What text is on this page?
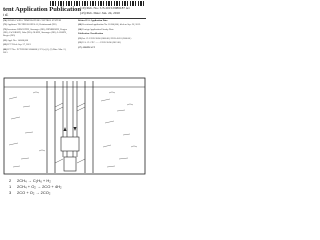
tent Application Publication
t al.
(10) Pub. No.: US 2015/0086187 A1
(43) Pub. Date: Jun. 24, 2010

(54) SUBSEA WELL TEMPERATURE CONTROL SYSTEM

(71) Applicant: TECHNOLOGIES AS, Kristiansand (NO)

(72) Inventors: BERGSTEN, Stavanger (NO); HENRIKSEN, Bergen (NO); JACOBSEN, Oslo (NO); OLSEN, Stavanger (NO); LARSEN, Bergen (NO)

(21) Appl. No.: 14/000,000

(22) PCT Filed: Sep. 27, 2013

(86) PCT No.: PCT/NO2013/000000 § 371 (c)(1), (2) Date: Mar. 13, 2015

Related U.S. Application Data

(60) Provisional application No. 61/000,000, filed on Sep. 28, 2012.

(30) Foreign Application Priority Data

Publication Classification

(51) Int. Cl. E21B 36/00 (2006.01) E21B 43/01 (2006.01)

(52) U.S. Cl. CPC ........ E21B 36/00 (2013.01)

(57) ABSTRACT

2 2CH₄ → C₂H₆ + H₂
1 2CH₄ + O₂ → 2CO + 4H₂
3 2CO + O₂ → 2CO₂
